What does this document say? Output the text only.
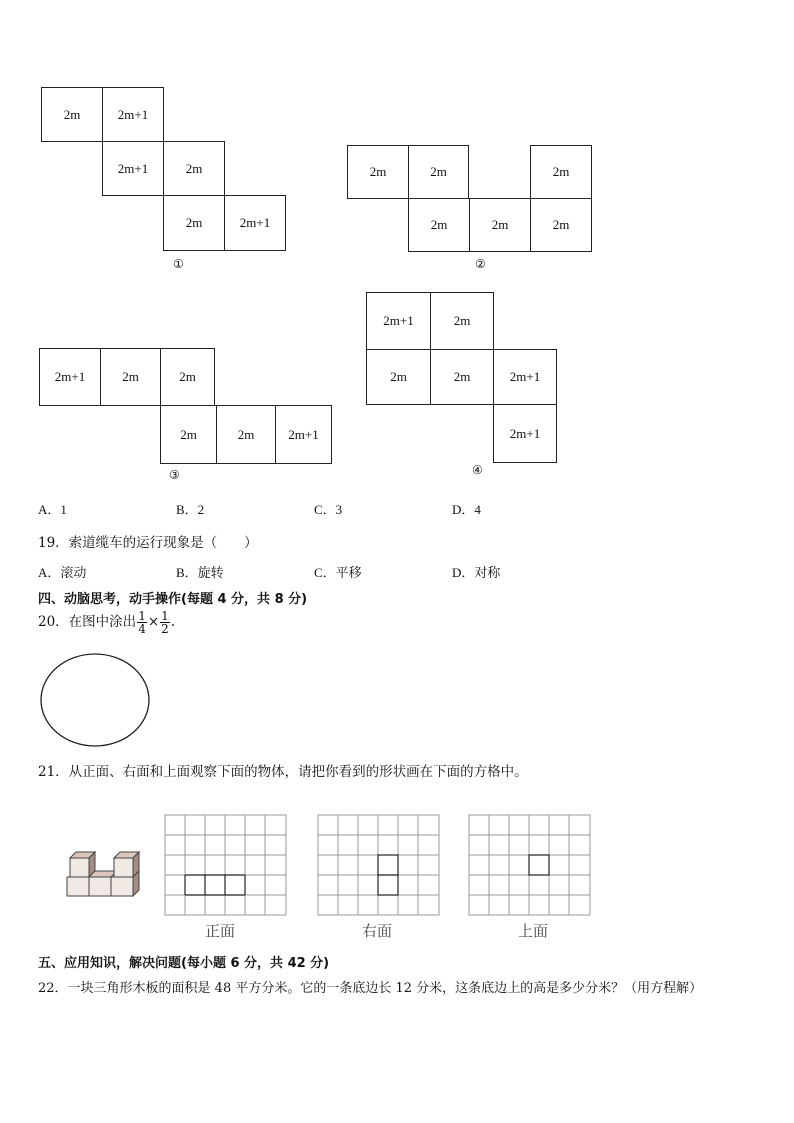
2m	2m+1
2m+1	2m
2m	2m+1
①
2m	2m	2m
2m	2m	2m
②
2m+1	2m	2m
2m	2m	2m+1
③
2m+1	2m
2m	2m	2m+1
2m+1
④
A．1	B．2	C．3	D．4
19．索道缆车的运行现象是（　　）
A．滚动	B．旋转	C．平移	D．对称
四、动脑思考，动手操作(每题 4 分，共 8 分)
20．在图中涂出 $\frac{1}{4} \times \frac{1}{2}$ .
21．从正面、右面和上面观察下面的物体，请把你看到的形状画在下面的方格中。
正面	右面	上面
五、应用知识，解决问题(每小题 6 分，共 42 分)
22．一块三角形木板的面积是 48 平方分米。它的一条底边长 12 分米，这条底边上的高是多少分米？（用方程解）
